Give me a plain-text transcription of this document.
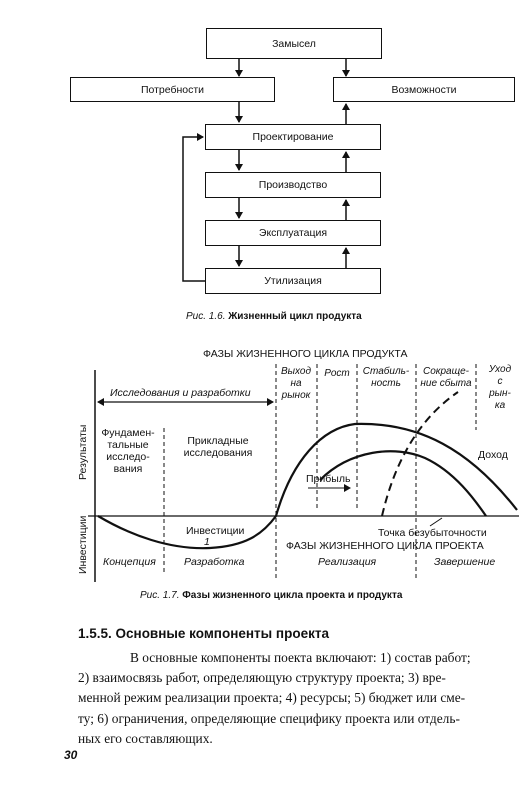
Замысел
Потребности	Возможности
Проектирование
Производство
Эксплуатация
Утилизация
Рис. 1.6. Жизненный цикл продукта
Результаты
Инвестиции
ФАЗЫ ЖИЗНЕННОГО ЦИКЛА ПРОДУКТА
ФАЗЫ ЖИЗНЕННОГО ЦИКЛА ПРОЕКТА
Исследования и разработки
Фундамен-
тальные
исследо-
вания
Прикладные
исследования
Выход
на
рынок
Рост Стабиль-
ность
Сокраще-
ние сбыта
Уход
с
рын-
ка
Доход
Прибыль
Инвестиции
1
Точка безубыточности
Концепция	Разработка	Реализация	Завершение
Рис. 1.7. Фазы жизненного цикла проекта и продукта
1.5.5. Основные компоненты проекта
В основные компоненты поекта включают: 1) состав работ;
2) взаимосвязь работ, определяющую структуру проекта; 3) вре-
менной режим реализации проекта; 4) ресурсы; 5) бюджет или сме-
ту; 6) ограничения, определяющие специфику проекта или отдель-
ных его составляющих.
30
